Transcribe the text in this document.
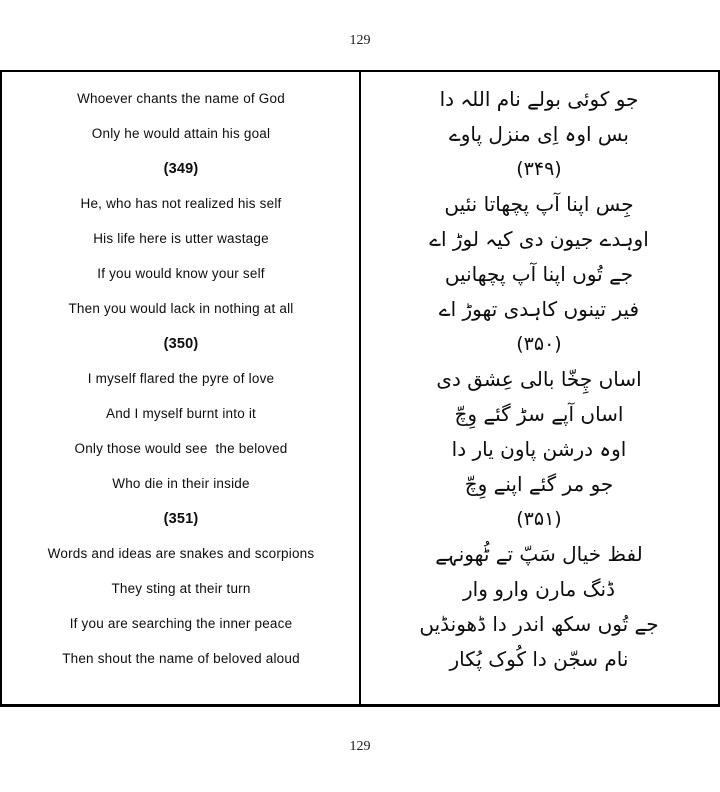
129
Whoever chants the name of God	جو کوئی بولے نام اللہ دا
Only he would attain his goal	بس اوہ اِی منزل پاوے
(349)	(۳۴۹)
He, who has not realized his self	جِس اپنا آپ پچھاتا نئیں
His life here is utter wastage	اوہدے جیون دی کیہ لوڑ اے
If you would know your self	جے تُوں اپنا آپ پچھانیں
Then you would lack in nothing at all	فیر تینوں کاہدی تھوڑ اے
(350)	(۳۵۰)
I myself flared the pyre of love	اساں چِخّا بالی عِشق دی
And I myself burnt into it	اساں آپے سڑ گئے وِچّ
Only those would see  the beloved	اوہ درشن پاون یار دا
Who die in their inside	جو مر گئے اپنے وِچّ
(351)	(۳۵۱)
Words and ideas are snakes and scorpions	لفظ خیال سَپّ تے ٹُھونہے
They sting at their turn	ڈنگ مارن وارو وار
If you are searching the inner peace	جے تُوں سکھ اندر دا ڈھونڈیں
Then shout the name of beloved aloud	نام سجّن دا کُوک پُکار
129
